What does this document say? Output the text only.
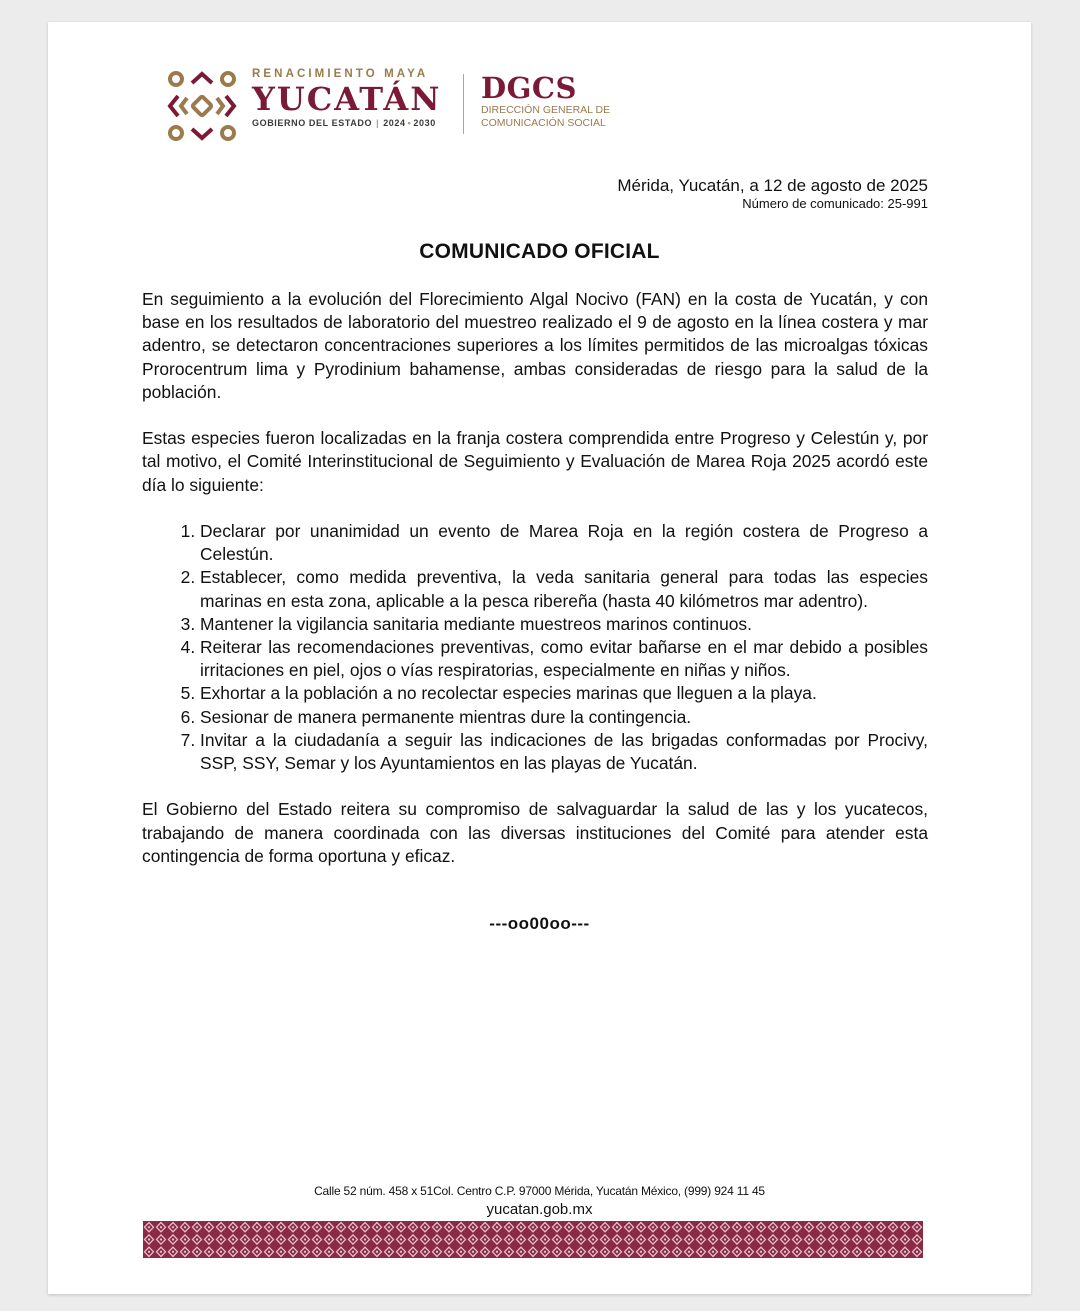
RENACIMIENTO MAYA
YUCATÁN
GOBIERNO DEL ESTADO | 2024 • 2030
DGCS
DIRECCIÓN GENERAL DE
COMUNICACIÓN SOCIAL
Mérida, Yucatán, a 12 de agosto de 2025
Número de comunicado: 25-991
COMUNICADO OFICIAL

En seguimiento a la evolución del Florecimiento Algal Nocivo (FAN) en la costa de Yucatán, y con base en los resultados de laboratorio del muestreo realizado el 9 de agosto en la línea costera y mar adentro, se detectaron concentraciones superiores a los límites permitidos de las microalgas tóxicas Prorocentrum lima y Pyrodinium bahamense, ambas consideradas de riesgo para la salud de la población.

Estas especies fueron localizadas en la franja costera comprendida entre Progreso y Celestún y, por tal motivo, el Comité Interinstitucional de Seguimiento y Evaluación de Marea Roja 2025 acordó este día lo siguiente:

1. Declarar por unanimidad un evento de Marea Roja en la región costera de Progreso a Celestún.
2. Establecer, como medida preventiva, la veda sanitaria general para todas las especies marinas en esta zona, aplicable a la pesca ribereña (hasta 40 kilómetros mar adentro).
3. Mantener la vigilancia sanitaria mediante muestreos marinos continuos.
4. Reiterar las recomendaciones preventivas, como evitar bañarse en el mar debido a posibles irritaciones en piel, ojos o vías respiratorias, especialmente en niñas y niños.
5. Exhortar a la población a no recolectar especies marinas que lleguen a la playa.
6. Sesionar de manera permanente mientras dure la contingencia.
7. Invitar a la ciudadanía a seguir las indicaciones de las brigadas conformadas por Procivy, SSP, SSY, Semar y los Ayuntamientos en las playas de Yucatán.

El Gobierno del Estado reitera su compromiso de salvaguardar la salud de las y los yucatecos, trabajando de manera coordinada con las diversas instituciones del Comité para atender esta contingencia de forma oportuna y eficaz.

---oo00oo---
Calle 52 núm. 458 x 51Col. Centro C.P. 97000 Mérida, Yucatán México, (999) 924 11 45
yucatan.gob.mx
